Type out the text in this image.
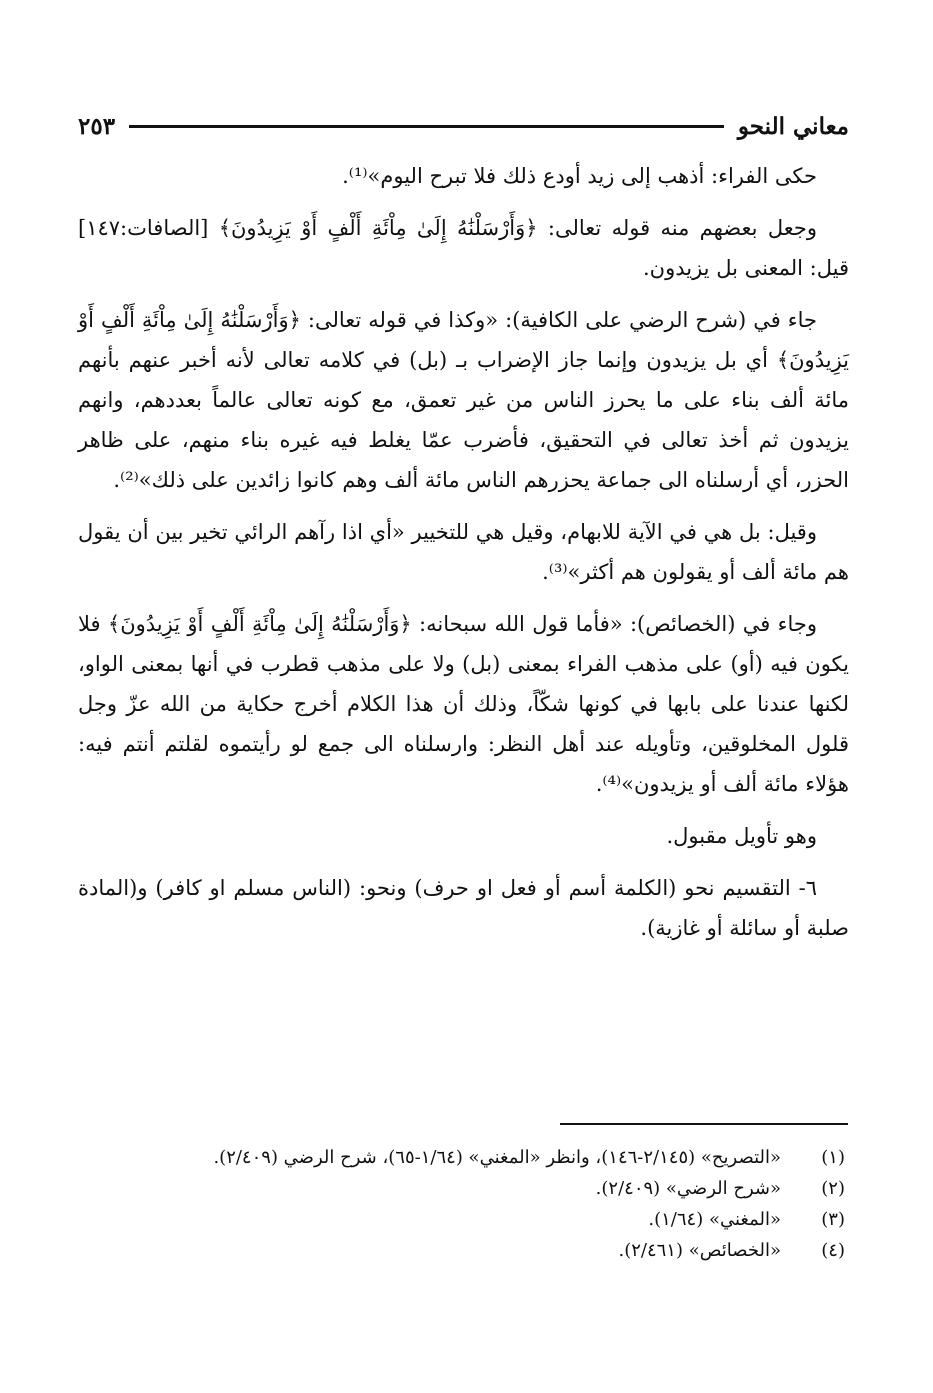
معاني النحو
٢٥٣

حكى الفراء: أذهب إلى زيد أودع ذلك فلا تبرح اليوم»⁽¹⁾.

وجعل بعضهم منه قوله تعالى: ﴿وَأَرْسَلْنَٰهُ إِلَىٰ مِاْئَةِ أَلْفٍ أَوْ يَزِيدُونَ﴾ [الصافات:١٤٧] قيل: المعنى بل يزيدون.

جاء في (شرح الرضي على الكافية): «وكذا في قوله تعالى: ﴿وَأَرْسَلْنَٰهُ إِلَىٰ مِاْئَةِ أَلْفٍ أَوْ يَزِيدُونَ﴾ أي بل يزيدون وإنما جاز الإضراب بـ (بل) في كلامه تعالى لأنه أخبر عنهم بأنهم مائة ألف بناء على ما يحرز الناس من غير تعمق، مع كونه تعالى عالماً بعددهم، وانهم يزيدون ثم أخذ تعالى في التحقيق، فأضرب عمّا يغلط فيه غيره بناء منهم، على ظاهر الحزر، أي أرسلناه الى جماعة يحزرهم الناس مائة ألف وهم كانوا زائدين على ذلك»⁽²⁾.

وقيل: بل هي في الآية للابهام، وقيل هي للتخيير «أي اذا رآهم الرائي تخير بين أن يقول هم مائة ألف أو يقولون هم أكثر»⁽³⁾.

وجاء في (الخصائص): «فأما قول الله سبحانه: ﴿وَأَرْسَلْنَٰهُ إِلَىٰ مِاْئَةِ أَلْفٍ أَوْ يَزِيدُونَ﴾ فلا يكون فيه (أو) على مذهب الفراء بمعنى (بل) ولا على مذهب قطرب في أنها بمعنى الواو، لكنها عندنا على بابها في كونها شكّاً، وذلك أن هذا الكلام أخرج حكاية من الله عزّ وجل قلول المخلوقين، وتأويله عند أهل النظر: وارسلناه الى جمع لو رأيتموه لقلتم أنتم فيه: هؤلاء مائة ألف أو يزيدون»⁽⁴⁾.

وهو تأويل مقبول.

٦- التقسيم نحو (الكلمة أسم أو فعل او حرف) ونحو: (الناس مسلم او كافر) و(المادة صلبة أو سائلة أو غازية).

(١)
«التصريح» (٢/١٤٥-١٤٦)، وانظر «المغني» (١/٦٤-٦٥)، شرح الرضي (٢/٤٠٩).
(٢)
«شرح الرضي» (٢/٤٠٩).
(٣)
«المغني» (١/٦٤).
(٤)
«الخصائص» (٢/٤٦١).
